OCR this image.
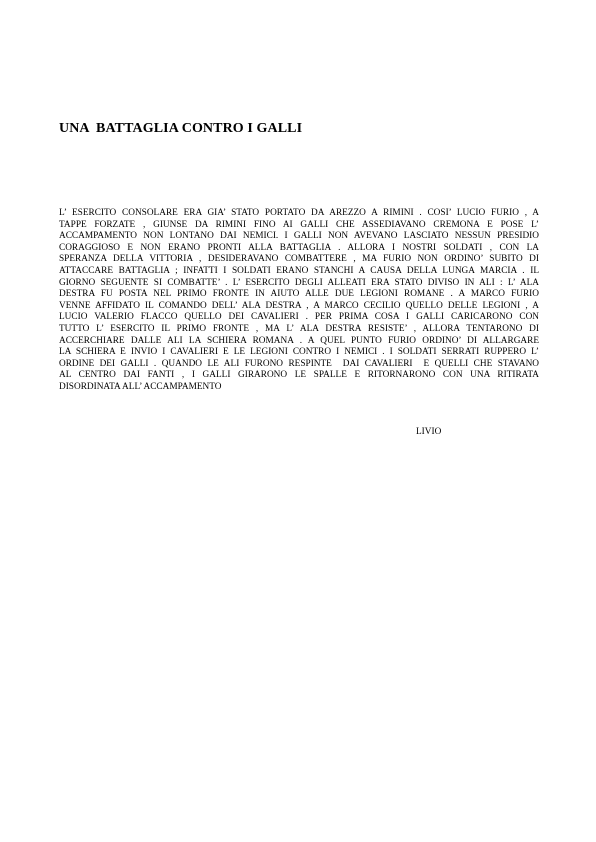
UNA  BATTAGLIA CONTRO I GALLI
L’ ESERCITO CONSOLARE ERA GIA’ STATO PORTATO DA AREZZO A RIMINI . COSI’ LUCIO FURIO , A
TAPPE FORZATE , GIUNSE DA RIMINI FINO AI GALLI CHE ASSEDIAVANO CREMONA E POSE L’
ACCAMPAMENTO NON LONTANO DAI NEMICI. I GALLI NON AVEVANO LASCIATO NESSUN PRESIDIO
CORAGGIOSO E NON ERANO PRONTI ALLA BATTAGLIA . ALLORA I NOSTRI SOLDATI , CON LA
SPERANZA DELLA VITTORIA , DESIDERAVANO COMBATTERE , MA FURIO NON ORDINO’ SUBITO DI
ATTACCARE BATTAGLIA ; INFATTI I SOLDATI ERANO STANCHI A CAUSA DELLA LUNGA MARCIA . IL
GIORNO SEGUENTE SI COMBATTE’ . L’ ESERCITO DEGLI ALLEATI ERA STATO DIVISO IN ALI : L’ ALA
DESTRA FU POSTA NEL PRIMO FRONTE IN AIUTO ALLE DUE LEGIONI ROMANE . A MARCO FURIO
VENNE AFFIDATO IL COMANDO DELL’ ALA DESTRA , A MARCO CECILIO QUELLO DELLE LEGIONI , A
LUCIO VALERIO FLACCO QUELLO DEI CAVALIERI . PER PRIMA COSA I GALLI CARICARONO CON
TUTTO L’ ESERCITO IL PRIMO FRONTE , MA L’ ALA DESTRA RESISTE’ , ALLORA TENTARONO DI
ACCERCHIARE DALLE ALI LA SCHIERA ROMANA . A QUEL PUNTO FURIO ORDINO’ DI ALLARGARE
LA SCHIERA E INVIO I CAVALIERI E LE LEGIONI CONTRO I NEMICI . I SOLDATI SERRATI RUPPERO L’
ORDINE DEI GALLI . QUANDO LE ALI FURONO RESPINTE  DAI CAVALIERI  E QUELLI CHE STAVANO
AL CENTRO DAI FANTI , I GALLI GIRARONO LE SPALLE E RITORNARONO CON UNA RITIRATA
DISORDINATA ALL’ ACCAMPAMENTO

LIVIO
